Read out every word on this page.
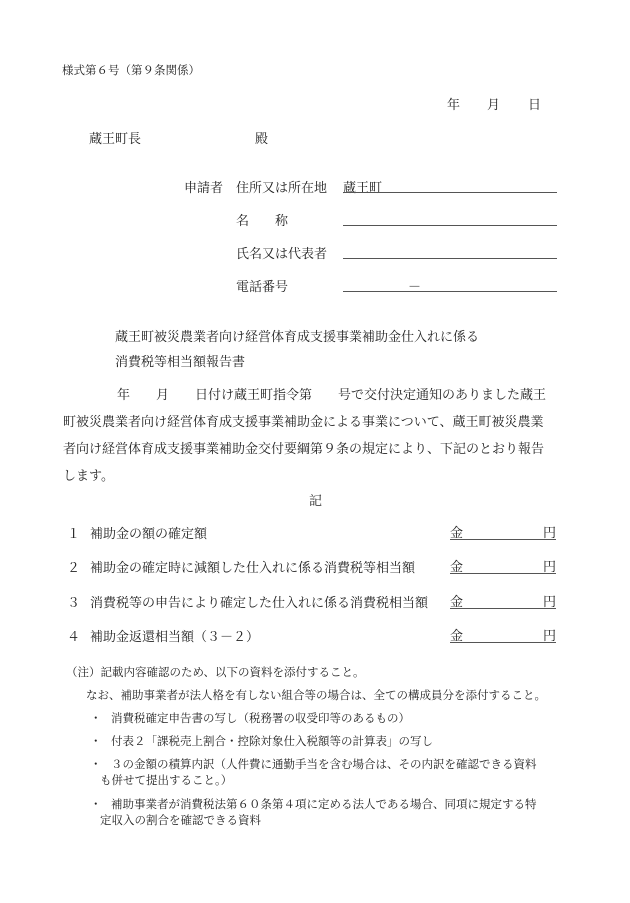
様式第６号（第９条関係）
年 月 日
蔵王町長	殿
申請者 住所又は所在地 蔵王町
名　　称
氏名又は代表者
電話番号	－
蔵王町被災農業者向け経営体育成支援事業補助金仕入れに係る
消費税等相当額報告書
年　　月　　日付け蔵王町指令第　　号で交付決定通知のありました蔵王
町被災農業者向け経営体育成支援事業補助金による事業について、蔵王町被災農業
者向け経営体育成支援事業補助金交付要綱第９条の規定により、下記のとおり報告
します。
記
１ 補助金の額の確定額	金	円
２ 補助金の確定時に減額した仕入れに係る消費税等相当額	金	円
３ 消費税等の申告により確定した仕入れに係る消費税相当額 金	円
４ 補助金返還相当額（３－２）	金	円
（注）記載内容確認のため、以下の資料を添付すること。
なお、補助事業者が法人格を有しない組合等の場合は、全ての構成員分を添付すること。
・ 消費税確定申告書の写し（税務署の収受印等のあるもの）
・ 付表２「課税売上割合・控除対象仕入税額等の計算表」の写し
・ ３の金額の積算内訳（人件費に通勤手当を含む場合は、その内訳を確認できる資料
も併せて提出すること。）
・ 補助事業者が消費税法第６０条第４項に定める法人である場合、同項に規定する特
定収入の割合を確認できる資料
